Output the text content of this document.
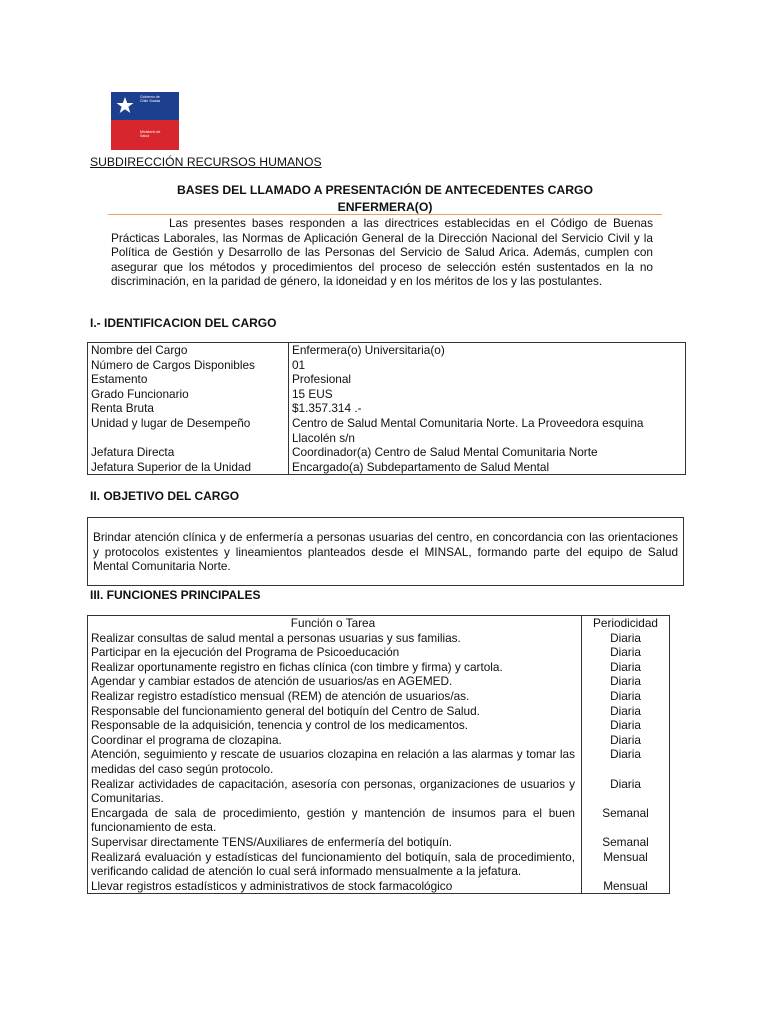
Gobierno de
Chile Sociaa
Ministerio de
Salud
SUBDIRECCIÓN RECURSOS HUMANOS
BASES DEL LLAMADO A PRESENTACIÓN DE ANTECEDENTES CARGO
ENFERMERA(O)
Las presentes bases responden a las directrices establecidas en el Código de Buenas Prácticas Laborales, las Normas de Aplicación General de la Dirección Nacional del Servicio Civil y la Política de Gestión y Desarrollo de las Personas del Servicio de Salud Arica. Además, cumplen con asegurar que los métodos y procedimientos del proceso de selección estén sustentados en la no discriminación, en la paridad de género, la idoneidad y en los méritos de los y las postulantes.
I.- IDENTIFICACION DEL CARGO
Nombre del Cargo	Enfermera(o) Universitaria(o)
Número de Cargos Disponibles	01
Estamento	Profesional
Grado Funcionario	15 EUS
Renta Bruta	$1.357.314 .-
Unidad y lugar de Desempeño	Centro de Salud Mental Comunitaria Norte. La Proveedora esquina Llacolén s/n
Jefatura Directa	Coordinador(a) Centro de Salud Mental Comunitaria Norte
Jefatura Superior de la Unidad	Encargado(a) Subdepartamento de Salud Mental
II. OBJETIVO DEL CARGO
Brindar atención clínica y de enfermería a personas usuarias del centro, en concordancia con las orientaciones y protocolos existentes y lineamientos planteados desde el MINSAL, formando parte del equipo de Salud Mental Comunitaria Norte.
III. FUNCIONES PRINCIPALES
Función o Tarea	Periodicidad
Realizar consultas de salud mental a personas usuarias y sus familias.	Diaria
Participar en la ejecución del Programa de Psicoeducación	Diaria
Realizar oportunamente registro en fichas clínica (con timbre y firma) y cartola.	Diaria
Agendar y cambiar estados de atención de usuarios/as en AGEMED.	Diaria
Realizar registro estadístico mensual (REM) de atención de usuarios/as.	Diaria
Responsable del funcionamiento general del botiquín del Centro de Salud.	Diaria
Responsable de la adquisición, tenencia y control de los medicamentos.	Diaria
Coordinar el programa de clozapina.	Diaria
Atención, seguimiento y rescate de usuarios clozapina en relación a las alarmas y tomar las medidas del caso según protocolo.	Diaria
Realizar actividades de capacitación, asesoría con personas, organizaciones de usuarios y Comunitarias.	Diaria
Encargada de sala de procedimiento, gestión y mantención de insumos para el buen funcionamiento de esta.	Semanal
Supervisar directamente TENS/Auxiliares de enfermería del botiquín.	Semanal
Realizará evaluación y estadísticas del funcionamiento del botiquín, sala de procedimiento, verificando calidad de atención lo cual será informado mensualmente a la jefatura.	Mensual
Llevar registros estadísticos y administrativos de stock farmacológico	Mensual
